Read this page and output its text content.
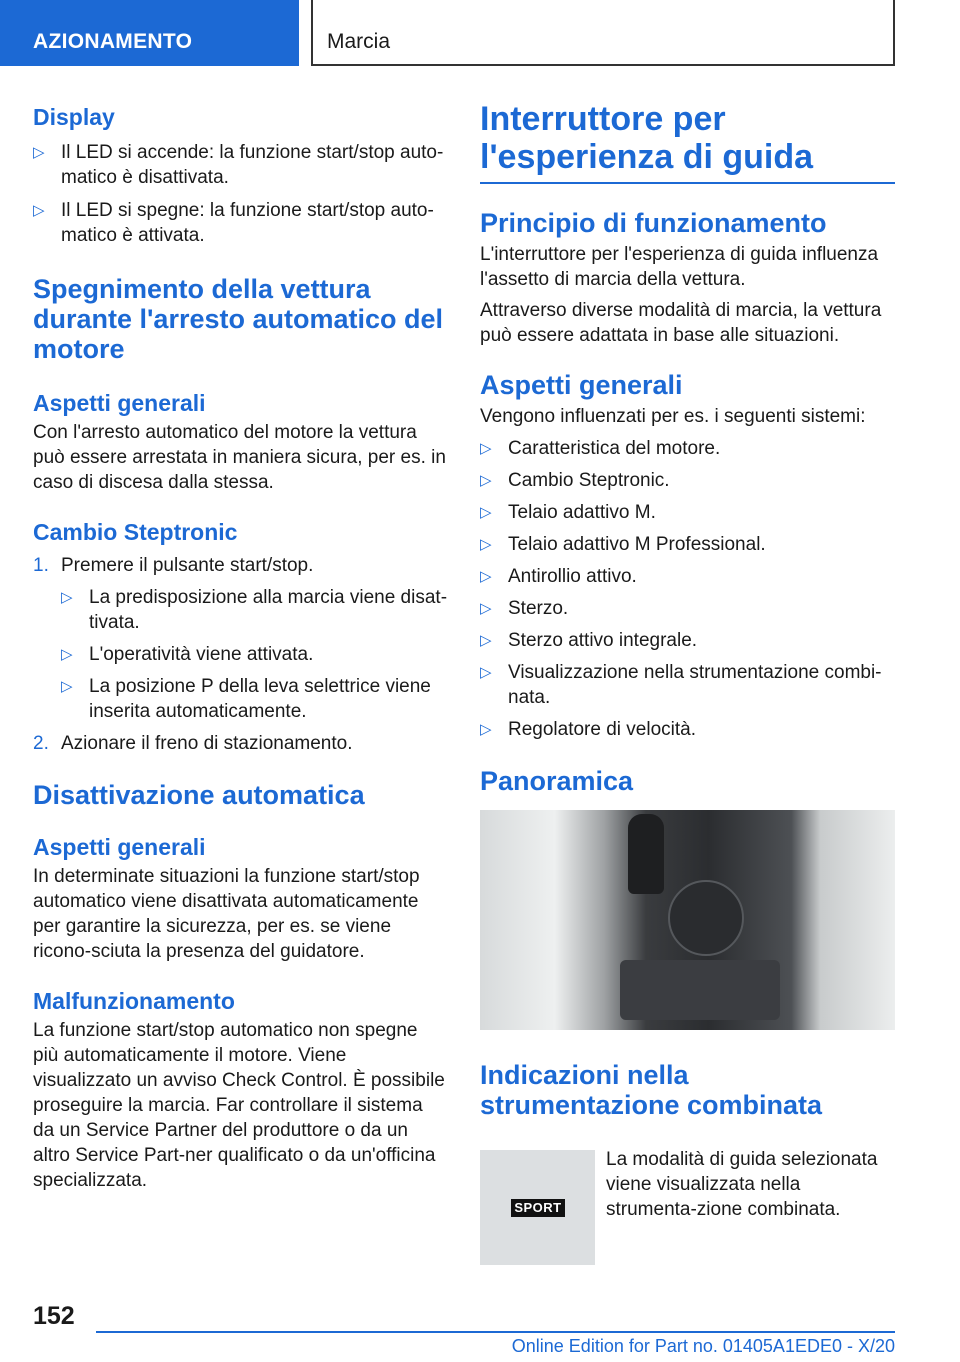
AZIONAMENTO	Marcia
Display
▷ Il LED si accende: la funzione start/stop auto-matico è disattivata.
▷ Il LED si spegne: la funzione start/stop auto-matico è attivata.
Spegnimento della vettura durante l'arresto automatico del motore
Aspetti generali

Con l'arresto automatico del motore la vettura può essere arrestata in maniera sicura, per es. in caso di discesa dalla stessa.

Cambio Steptronic
1. Premere il pulsante start/stop.
▷ La predisposizione alla marcia viene disat-tivata.
▷ L'operatività viene attivata.
▷ La posizione P della leva selettrice viene inserita automaticamente.
2. Azionare il freno di stazionamento.
Disattivazione automatica
Aspetti generali

In determinate situazioni la funzione start/stop automatico viene disattivata automaticamente per garantire la sicurezza, per es. se viene ricono-sciuta la presenza del guidatore.

Malfunzionamento

La funzione start/stop automatico non spegne più automaticamente il motore. Viene visualizzato un avviso Check Control. È possibile proseguire la marcia. Far controllare il sistema da un Service Partner del produttore o da un altro Service Part-ner qualificato o da un'officina specializzata.

Interruttore per l'esperienza di guida
Principio di funzionamento

L'interruttore per l'esperienza di guida influenza l'assetto di marcia della vettura.

Attraverso diverse modalità di marcia, la vettura può essere adattata in base alle situazioni.

Aspetti generali

Vengono influenzati per es. i seguenti sistemi:

▷ Caratteristica del motore.
▷ Cambio Steptronic.
▷ Telaio adattivo M.
▷ Telaio adattivo M Professional.
▷ Antirollio attivo.
▷ Sterzo.
▷ Sterzo attivo integrale.
▷ Visualizzazione nella strumentazione combi-nata.
▷ Regolatore di velocità.
Panoramica
Indicazioni nella strumentazione combinata
SPORT

La modalità di guida selezionata viene visualizzata nella strumenta-zione combinata.

152
Online Edition for Part no. 01405A1EDE0 - X/20
